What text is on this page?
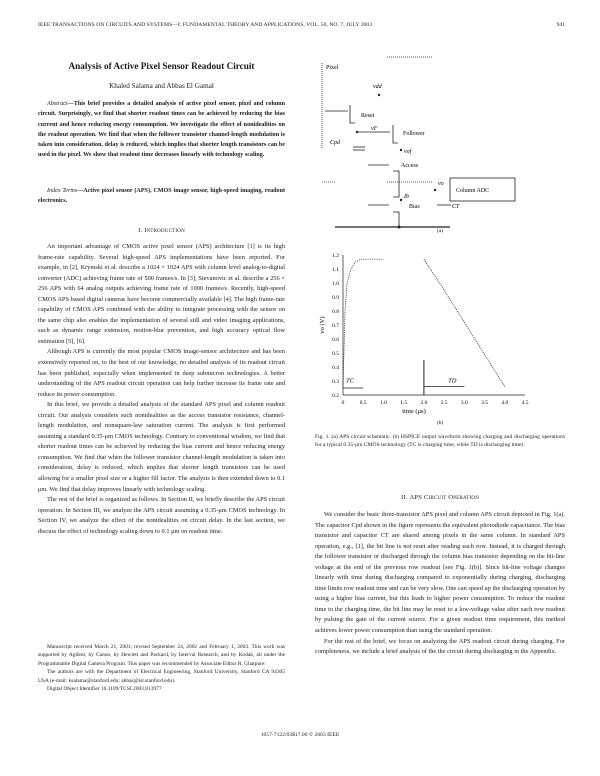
IEEE TRANSACTIONS ON CIRCUITS AND SYSTEMS—I: FUNDAMENTAL THEORY AND APPLICATIONS, VOL. 50, NO. 7, JULY 2003	941
Analysis of Active Pixel Sensor Readout Circuit
Khaled Salama and Abbas El Gamal

Abstract—This brief provides a detailed analysis of active pixel sensor, pixel and column circuit. Surprisingly, we find that shorter readout times can be achieved by reducing the bias current and hence reducing energy consumption. We investigate the effect of nonidealities on the readout operation. We find that when the follower transistor channel-length modulation is taken into consideration, delay is reduced, which implies that shorter length transistors can be used in the pixel. We show that readout time decreases linearly with technology scaling.

Index Terms—Active pixel sensor (APS), CMOS image sensor, high-speed imaging, readout electronics.

I. Introduction

An important advantage of CMOS active pixel sensor (APS) architecture [1] is its high frame-rate capability. Several high-speed APS implementations have been reported. For example, in [2], Krymski et al. describe a 1024 × 1024 APS with column level analog-to-digital converter (ADC) achieving frame rate of 500 frames/s. In [3], Stevanovic et al. describe a 256 × 256 APS with 64 analog outputs achieving frame rate of 1000 frames/s. Recently, high-speed CMOS APS based digital cameras have become commercially available [4]. The high frame-rate capability of CMOS APS combined with the ability to integrate processing with the sensor on the same chip also enables the implementation of several still and video imaging applications, such as dynamic range extension, motion-blur prevention, and high accuracy optical flow estimation [5], [6].

Although APS is currently the most popular CMOS image-sensor architecture and has been extensively reported on, to the best of our knowledge, no detailed analysis of its readout circuit has been published, especially when implemented in deep submicron technologies. A better understanding of the APS readout circuit operation can help further increase its frame rate and reduce its power consumption.

In this brief, we provide a detailed analysis of the standard APS pixel and column readout circuit. Our analysis considers such nonidealities as the access transistor resistance, channel-length modulation, and nonsquare-law saturation current. The analysis is first performed assuming a standard 0.35-μm CMOS technology. Contrary to conventional wisdom, we find that shorter readout times can be achieved by reducing the bias current and hence reducing energy consumption. We find that when the follower transistor channel-length modulation is taken into consideration, delay is reduced, which implies that shorter length transistors can be used allowing for a smaller pixel size or a higher fill factor. The analysis is then extended down to 0.1 μm. We find that delay improves linearly with technology scaling.

The rest of the brief is organized as follows. In Section II, we briefly describe the APS circuit operation. In Section III, we analyze the APS circuit assuming a 0.35-μm CMOS technology. In Section IV, we analyze the effect of the nonidealities on circuit delay. In the last section, we discuss the effect of technology scaling down to 0.1 μm on readout time.

Manuscript received March 21, 2001; revised September 24, 2002 and February 1, 2003. This work was supported by Agilent, by Canon, by Hewlett and Packard, by Interval Research, and by Kodak, all under the Programmable Digital Camera Program. This paper was recommended by Associate Editor R. Ghatpure.

The authors are with the Department of Electrical Engineering, Stanford University, Stanford CA 94305 USA (e-mail: ksalama@stanford.edu; abbas@isl.stanford.edu).

Digital Object Identifier 10.1109/TCSI.2003.813977

Pixel
vdd
Reset
vF
Cpd
Follower
vof
Access
vo
Column ADC
Ib
Bias	CT
(a)
0	0.5 1.0 1.5 2.0 2.5 3.0 3.5 4.0 4.5
0.2
0.3
0.4
0.5
0.6
0.7
0.8
0.9
1.0
1.1
1.2
time (μs)
vo (V)
TC	TD
(b)
Fig. 1. (a) APS circuit schematic. (b) HSPICE output waveform showing charging and discharging operations for a typical 0.35-μm CMOS technology (TC is charging time, while TD is discharging time).
II. APS Circuit Operation

We consider the basic three-transistor APS pixel and column APS circuit depicted in Fig. 1(a). The capacitor Cpd shown in the figure represents the equivalent photodiode capacitance. The bias transistor and capacitor CT are shared among pixels in the same column. In standard APS operation, e.g., [1], the bit line is not reset after reading each row. Instead, it is charged through the follower transistor or discharged through the column bias transistor depending on the bit-line voltage at the end of the previous row readout [see Fig. 1(b)]. Since bit-line voltage changes linearly with time during discharging compared to exponentially during charging, discharging time limits row readout time and can be very slow. One can speed up the discharging operation by using a higher bias current, but this leads to higher power consumption. To reduce the readout time to the charging time, the bit line may be reset to a low-voltage value after each row readout by pulsing the gate of the current source. For a given readout time requirement, this method achieves lower power consumption than using the standard operation.

For the rest of the brief, we focus on analyzing the APS readout circuit during charging. For completeness, we include a brief analysis of the the circuit during discharging in the Appendix.

1057-7122/03$17.00 © 2003 IEEE
